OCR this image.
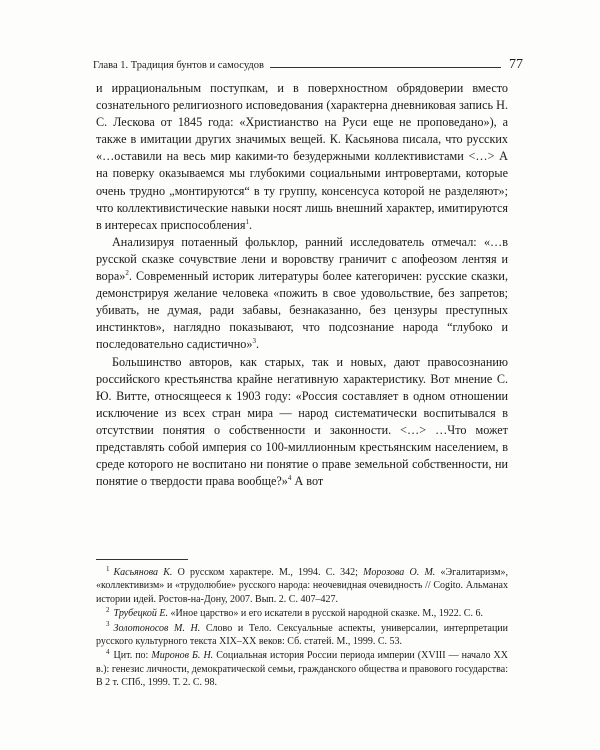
Глава 1. Традиция бунтов и самосудов	77

и иррациональным поступкам, и в поверхностном обрядоверии вместо сознательного религиозного исповедования (характерна дневниковая запись Н. С. Лескова от 1845 года: «Христианство на Руси еще не проповедано»), а также в имитации других значимых вещей. К. Касьянова писала, что русских «…оставили на весь мир какими-то безудержными коллективистами <…> А на поверку оказываемся мы глубокими социальными интровертами, которые очень трудно „монтируются“ в ту группу, консенсуса которой не разделяют»; что коллективистические навыки носят лишь внешний характер, имитируются в интересах приспособления$^1$.

Анализируя потаенный фольклор, ранний исследователь отмечал: «…в русской сказке сочувствие лени и воровству граничит с апофеозом лентяя и вора»$^2$. Современный историк литературы более категоричен: русские сказки, демонстрируя желание человека «пожить в свое удовольствие, без запретов; убивать, не думая, ради забавы, безнаказанно, без цензуры преступных инстинктов», наглядно показывают, что подсознание народа “глубоко и последовательно садистично»$^3$.

Большинство авторов, как старых, так и новых, дают правосознанию российского крестьянства крайне негативную характеристику. Вот мнение С. Ю. Витте, относящееся к 1903 году: «Россия составляет в одном отношении исключение из всех стран мира — народ систематически воспитывался в отсутствии понятия о собственности и законности. <…> …Что может представлять собой империя со 100-миллионным крестьянским населением, в среде которого не воспитано ни понятие о праве земельной собственности, ни понятие о твердости права вообще?»$^4$ А вот

$^1$ Касьянова К. О русском характере. М., 1994. С. 342; Морозова О. М. «Эгалитаризм», «коллективизм» и «трудолюбие» русского народа: неочевидная очевидность // Cogito. Альманах истории идей. Ростов-на-Дону, 2007. Вып. 2. С. 407–427.

$^2$ Трубецкой Е. «Иное царство» и его искатели в русской народной сказке. М., 1922. С. 6.

$^3$ Золотоносов М. Н. Слово и Тело. Сексуальные аспекты, универсалии, интерпретации русского культурного текста XIX–XX веков: Сб. статей. М., 1999. С. 53.

$^4$ Цит. по: Миронов Б. Н. Социальная история России периода империи (XVIII — начало XX в.): генезис личности, демократической семьи, гражданского общества и правового государства: В 2 т. СПб., 1999. Т. 2. С. 98.
